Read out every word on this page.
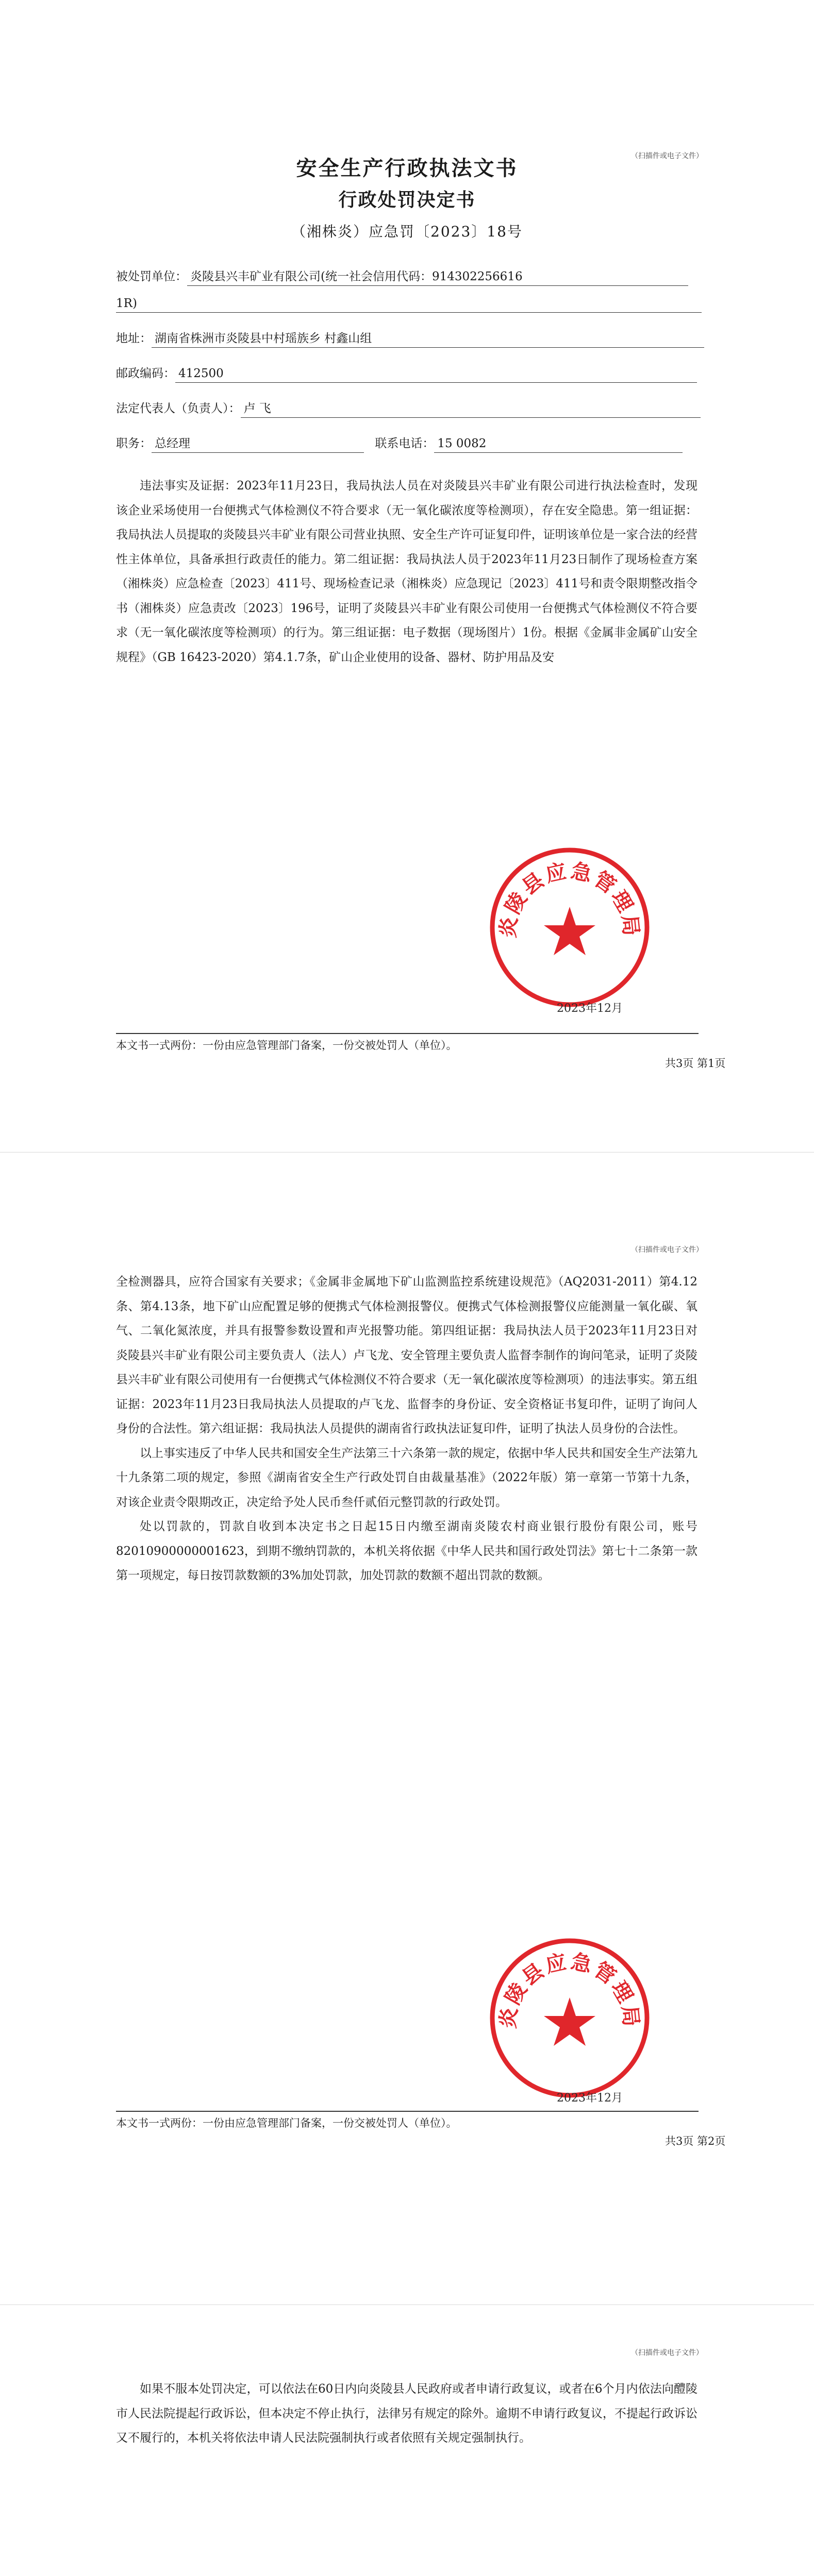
（扫描件或电子文件）
安全生产行政执法文书
行政处罚决定书
（湘株炎）应急罚〔2023〕18号
被处罚单位： 炎陵县兴丰矿业有限公司(统一社会信用代码：914302256616
1R)
地址： 湖南省株洲市炎陵县中村瑶族乡 村鑫山组
邮政编码： 412500
法定代表人（负责人）： 卢 飞
职务： 总经理	联系电话： 15 0082

违法事实及证据：2023年11月23日，我局执法人员在对炎陵县兴丰矿业有限公司进行执法检查时，发现该企业采场使用一台便携式气体检测仪不符合要求（无一氧化碳浓度等检测项），存在安全隐患。第一组证据：我局执法人员提取的炎陵县兴丰矿业有限公司营业执照、安全生产许可证复印件，证明该单位是一家合法的经营性主体单位，具备承担行政责任的能力。第二组证据：我局执法人员于2023年11月23日制作了现场检查方案（湘株炎）应急检查〔2023〕411号、现场检查记录（湘株炎）应急现记〔2023〕411号和责令限期整改指令书（湘株炎）应急责改〔2023〕196号，证明了炎陵县兴丰矿业有限公司使用一台便携式气体检测仪不符合要求（无一氧化碳浓度等检测项）的行为。第三组证据：电子数据（现场图片）1份。根据《金属非金属矿山安全规程》（GB 16423-2020）第4.1.7条，矿山企业使用的设备、器材、防护用品及安

炎陵县应急管理局
2023年12月
本文书一式两份：一份由应急管理部门备案，一份交被处罚人（单位）。
共3页 第1页
（扫描件或电子文件）

全检测器具，应符合国家有关要求；《金属非金属地下矿山监测监控系统建设规范》（AQ2031-2011）第4.12条、第4.13条，地下矿山应配置足够的便携式气体检测报警仪。便携式气体检测报警仪应能测量一氧化碳、氧气、二氧化氮浓度，并具有报警参数设置和声光报警功能。第四组证据：我局执法人员于2023年11月23日对炎陵县兴丰矿业有限公司主要负责人（法人）卢飞龙、安全管理主要负责人监督李制作的询问笔录，证明了炎陵县兴丰矿业有限公司使用有一台便携式气体检测仪不符合要求（无一氧化碳浓度等检测项）的违法事实。第五组证据：2023年11月23日我局执法人员提取的卢飞龙、监督李的身份证、安全资格证书复印件，证明了询问人身份的合法性。第六组证据：我局执法人员提供的湖南省行政执法证复印件，证明了执法人员身份的合法性。

以上事实违反了中华人民共和国安全生产法第三十六条第一款的规定，依据中华人民共和国安全生产法第九十九条第二项的规定，参照《湖南省安全生产行政处罚自由裁量基准》（2022年版）第一章第一节第十九条，对该企业责令限期改正，决定给予处人民币叁仟贰佰元整罚款的行政处罚。

处以罚款的，罚款自收到本决定书之日起15日内缴至湖南炎陵农村商业银行股份有限公司，账号82010900000001623，到期不缴纳罚款的，本机关将依据《中华人民共和国行政处罚法》第七十二条第一款第一项规定，每日按罚款数额的3%加处罚款，加处罚款的数额不超出罚款的数额。

炎陵县应急管理局
2023年12月
本文书一式两份：一份由应急管理部门备案，一份交被处罚人（单位）。
共3页 第2页
（扫描件或电子文件）

如果不服本处罚决定，可以依法在60日内向炎陵县人民政府或者申请行政复议，或者在6个月内依法向醴陵市人民法院提起行政诉讼，但本决定不停止执行，法律另有规定的除外。逾期不申请行政复议，不提起行政诉讼又不履行的，本机关将依法申请人民法院强制执行或者依照有关规定强制执行。
